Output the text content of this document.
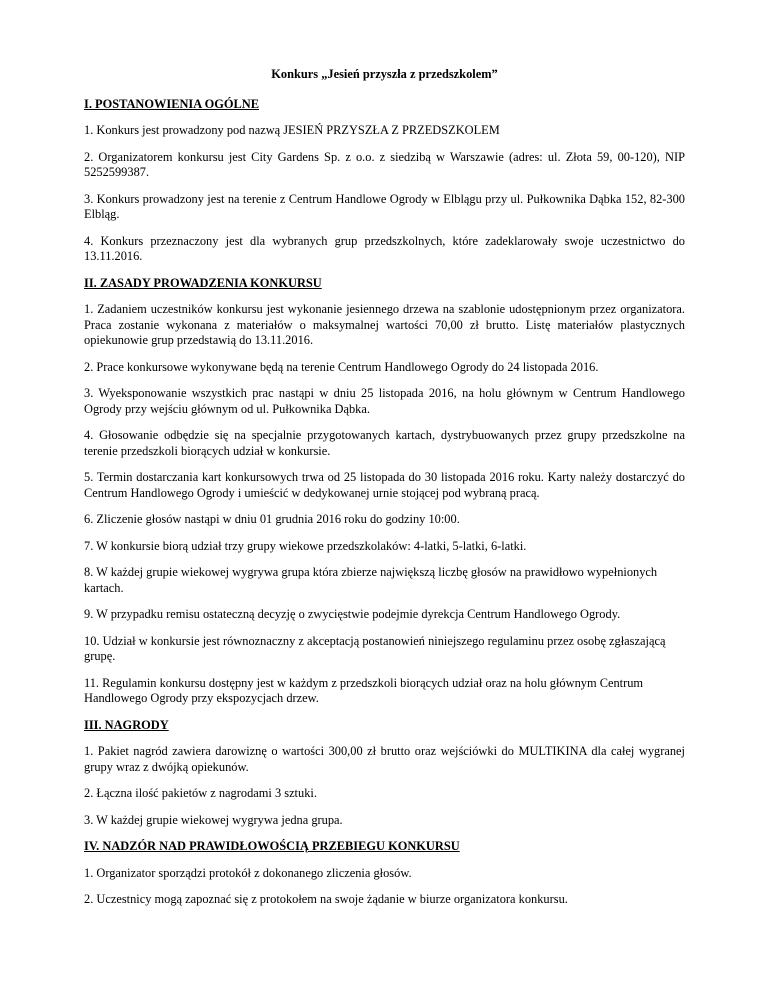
Konkurs „Jesień przyszła z przedszkolem”
I. POSTANOWIENIA OGÓLNE
1. Konkurs jest prowadzony pod nazwą JESIEŃ PRZYSZŁA Z PRZEDSZKOLEM
2. Organizatorem konkursu jest City Gardens Sp. z o.o. z siedzibą w Warszawie (adres: ul. Złota 59, 00-120), NIP 5252599387.
3. Konkurs prowadzony jest na terenie z Centrum Handlowe Ogrody w Elblągu przy ul. Pułkownika Dąbka 152, 82-300 Elbląg.
4. Konkurs przeznaczony jest dla wybranych grup przedszkolnych, które zadeklarowały swoje uczestnictwo do 13.11.2016.
II. ZASADY PROWADZENIA KONKURSU
1. Zadaniem uczestników konkursu jest wykonanie jesiennego drzewa na szablonie udostępnionym przez organizatora. Praca zostanie wykonana z materiałów o maksymalnej wartości 70,00 zł brutto. Listę materiałów plastycznych opiekunowie grup przedstawią do 13.11.2016.
2. Prace konkursowe wykonywane będą na terenie Centrum Handlowego Ogrody do 24 listopada 2016.
3. Wyeksponowanie wszystkich prac nastąpi w dniu 25 listopada 2016, na holu głównym w Centrum Handlowego Ogrody przy wejściu głównym od ul. Pułkownika Dąbka.
4. Głosowanie odbędzie się na specjalnie przygotowanych kartach, dystrybuowanych przez grupy przedszkolne na terenie przedszkoli biorących udział w konkursie.
5. Termin dostarczania kart konkursowych trwa od 25 listopada do 30 listopada 2016 roku. Karty należy dostarczyć do Centrum Handlowego Ogrody i umieścić w dedykowanej urnie stojącej pod wybraną pracą.
6. Zliczenie głosów nastąpi w dniu 01 grudnia 2016 roku do godziny 10:00.
7. W konkursie biorą udział trzy grupy wiekowe przedszkolaków: 4-latki, 5-latki, 6-latki.
8. W każdej grupie wiekowej wygrywa grupa która zbierze największą liczbę głosów na prawidłowo wypełnionych kartach.
9. W przypadku remisu ostateczną decyzję o zwycięstwie podejmie dyrekcja Centrum Handlowego Ogrody.
10. Udział w konkursie jest równoznaczny z akceptacją postanowień niniejszego regulaminu przez osobę zgłaszającą grupę.
11. Regulamin konkursu dostępny jest w każdym z przedszkoli biorących udział oraz na holu głównym Centrum Handlowego Ogrody przy ekspozycjach drzew.
III. NAGRODY
1. Pakiet nagród zawiera darowiznę o wartości 300,00 zł brutto oraz wejściówki do MULTIKINA dla całej wygranej grupy wraz z dwójką opiekunów.
2. Łączna ilość pakietów z nagrodami 3 sztuki.
3. W każdej grupie wiekowej wygrywa jedna grupa.
IV. NADZÓR NAD PRAWIDŁOWOŚCIĄ PRZEBIEGU KONKURSU
1. Organizator sporządzi protokół z dokonanego zliczenia głosów.
2. Uczestnicy mogą zapoznać się z protokołem na swoje żądanie w biurze organizatora konkursu.
